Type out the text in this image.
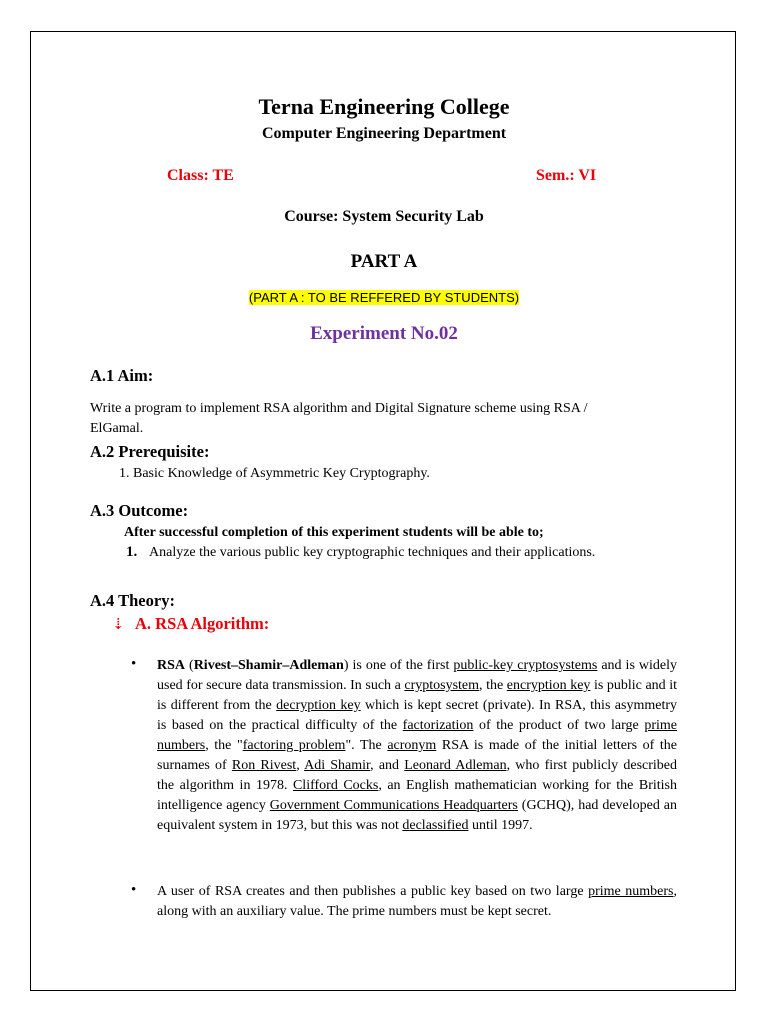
Terna Engineering College
Computer Engineering Department
Class: TE	Sem.: VI
Course: System Security Lab
PART A
(PART A : TO BE REFFERED BY STUDENTS)
Experiment No.02
A.1 Aim:
Write a program to implement RSA algorithm and Digital Signature scheme using RSA /
ElGamal.
A.2 Prerequisite:
1. Basic Knowledge of Asymmetric Key Cryptography.
A.3 Outcome:
After successful completion of this experiment students will be able to;
1. Analyze the various public key cryptographic techniques and their applications.
A.4 Theory:
⇣ A. RSA Algorithm:
• RSA (Rivest–Shamir–Adleman) is one of the first public-key cryptosystems and is widely used for secure data transmission. In such a cryptosystem, the encryption key is public and it is different from the decryption key which is kept secret (private). In RSA, this asymmetry is based on the practical difficulty of the factorization of the product of two large prime numbers, the "factoring problem". The acronym RSA is made of the initial letters of the surnames of Ron Rivest, Adi Shamir, and Leonard Adleman, who first publicly described the algorithm in 1978. Clifford Cocks, an English mathematician working for the British intelligence agency Government Communications Headquarters (GCHQ), had developed an equivalent system in 1973, but this was not declassified until 1997.

• A user of RSA creates and then publishes a public key based on two large prime numbers, along with an auxiliary value. The prime numbers must be kept secret.
